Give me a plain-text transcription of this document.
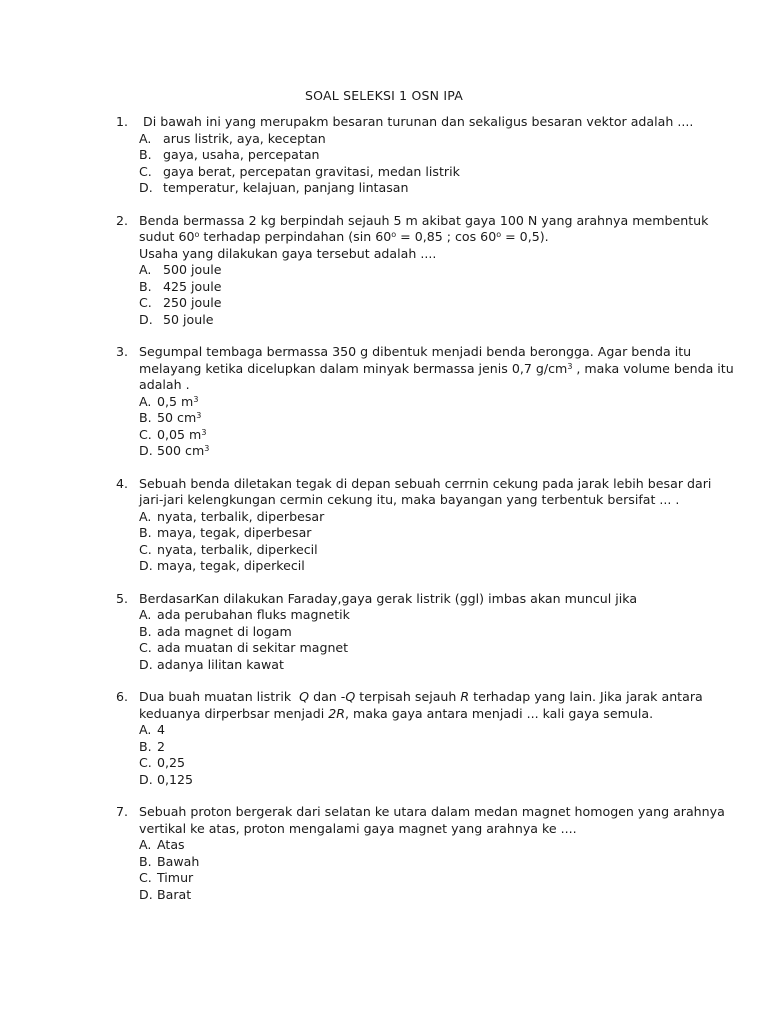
SOAL SELEKSI 1 OSN IPA
1.	Di bawah ini yang merupakm besaran turunan dan sekaligus besaran vektor adalah ....
A. arus listrik, aya, keceptan
B. gaya, usaha, percepatan
C. gaya berat, percepatan gravitasi, medan listrik
D. temperatur, kelajuan, panjang lintasan
2. Benda bermassa 2 kg berpindah sejauh 5 m akibat gaya 100 N yang arahnya membentuk
sudut 60$^o$ terhadap perpindahan (sin $60^o = 0,85$ ; $\cos 60^o = 0,5$).
Usaha yang dilakukan gaya tersebut adalah ....
A. 500 joule
B. 425 joule
C. 250 joule
D. 50 joule
3. Segumpal tembaga bermassa 350 g dibentuk menjadi benda berongga. Agar benda itu
melayang ketika dicelupkan dalam minyak bermassa jenis 0,7 $g/cm^3$ , maka volume benda itu
adalah .
A. 0,5 $m^3$
B. 50 $cm^3$
C. 0,05 $m^3$
D. 500 $cm^3$
4. Sebuah benda diletakan tegak di depan sebuah cerrnin cekung pada jarak lebih besar dari
jari-jari kelengkungan cermin cekung itu, maka bayangan yang terbentuk bersifat ... .
A. nyata, terbalik, diperbesar
B. maya, tegak, diperbesar
C. nyata, terbalik, diperkecil
D. maya, tegak, diperkecil
5. BerdasarKan dilakukan Faraday,gaya gerak listrik (ggl) imbas akan muncul jika
A. ada perubahan fluks magnetik
B. ada magnet di logam
C. ada muatan di sekitar magnet
D. adanya lilitan kawat
6. Dua buah muatan listrik  Q dan -Q terpisah sejauh R terhadap yang lain. Jika jarak antara
keduanya dirperbsar menjadi 2R, maka gaya antara menjadi ... kali gaya semula.
A. 4
B. 2
C. 0,25
D. 0,125
7. Sebuah proton bergerak dari selatan ke utara dalam medan magnet homogen yang arahnya
vertikal ke atas, proton mengalami gaya magnet yang arahnya ke ....
A. Atas
B. Bawah
C. Timur
D. Barat
